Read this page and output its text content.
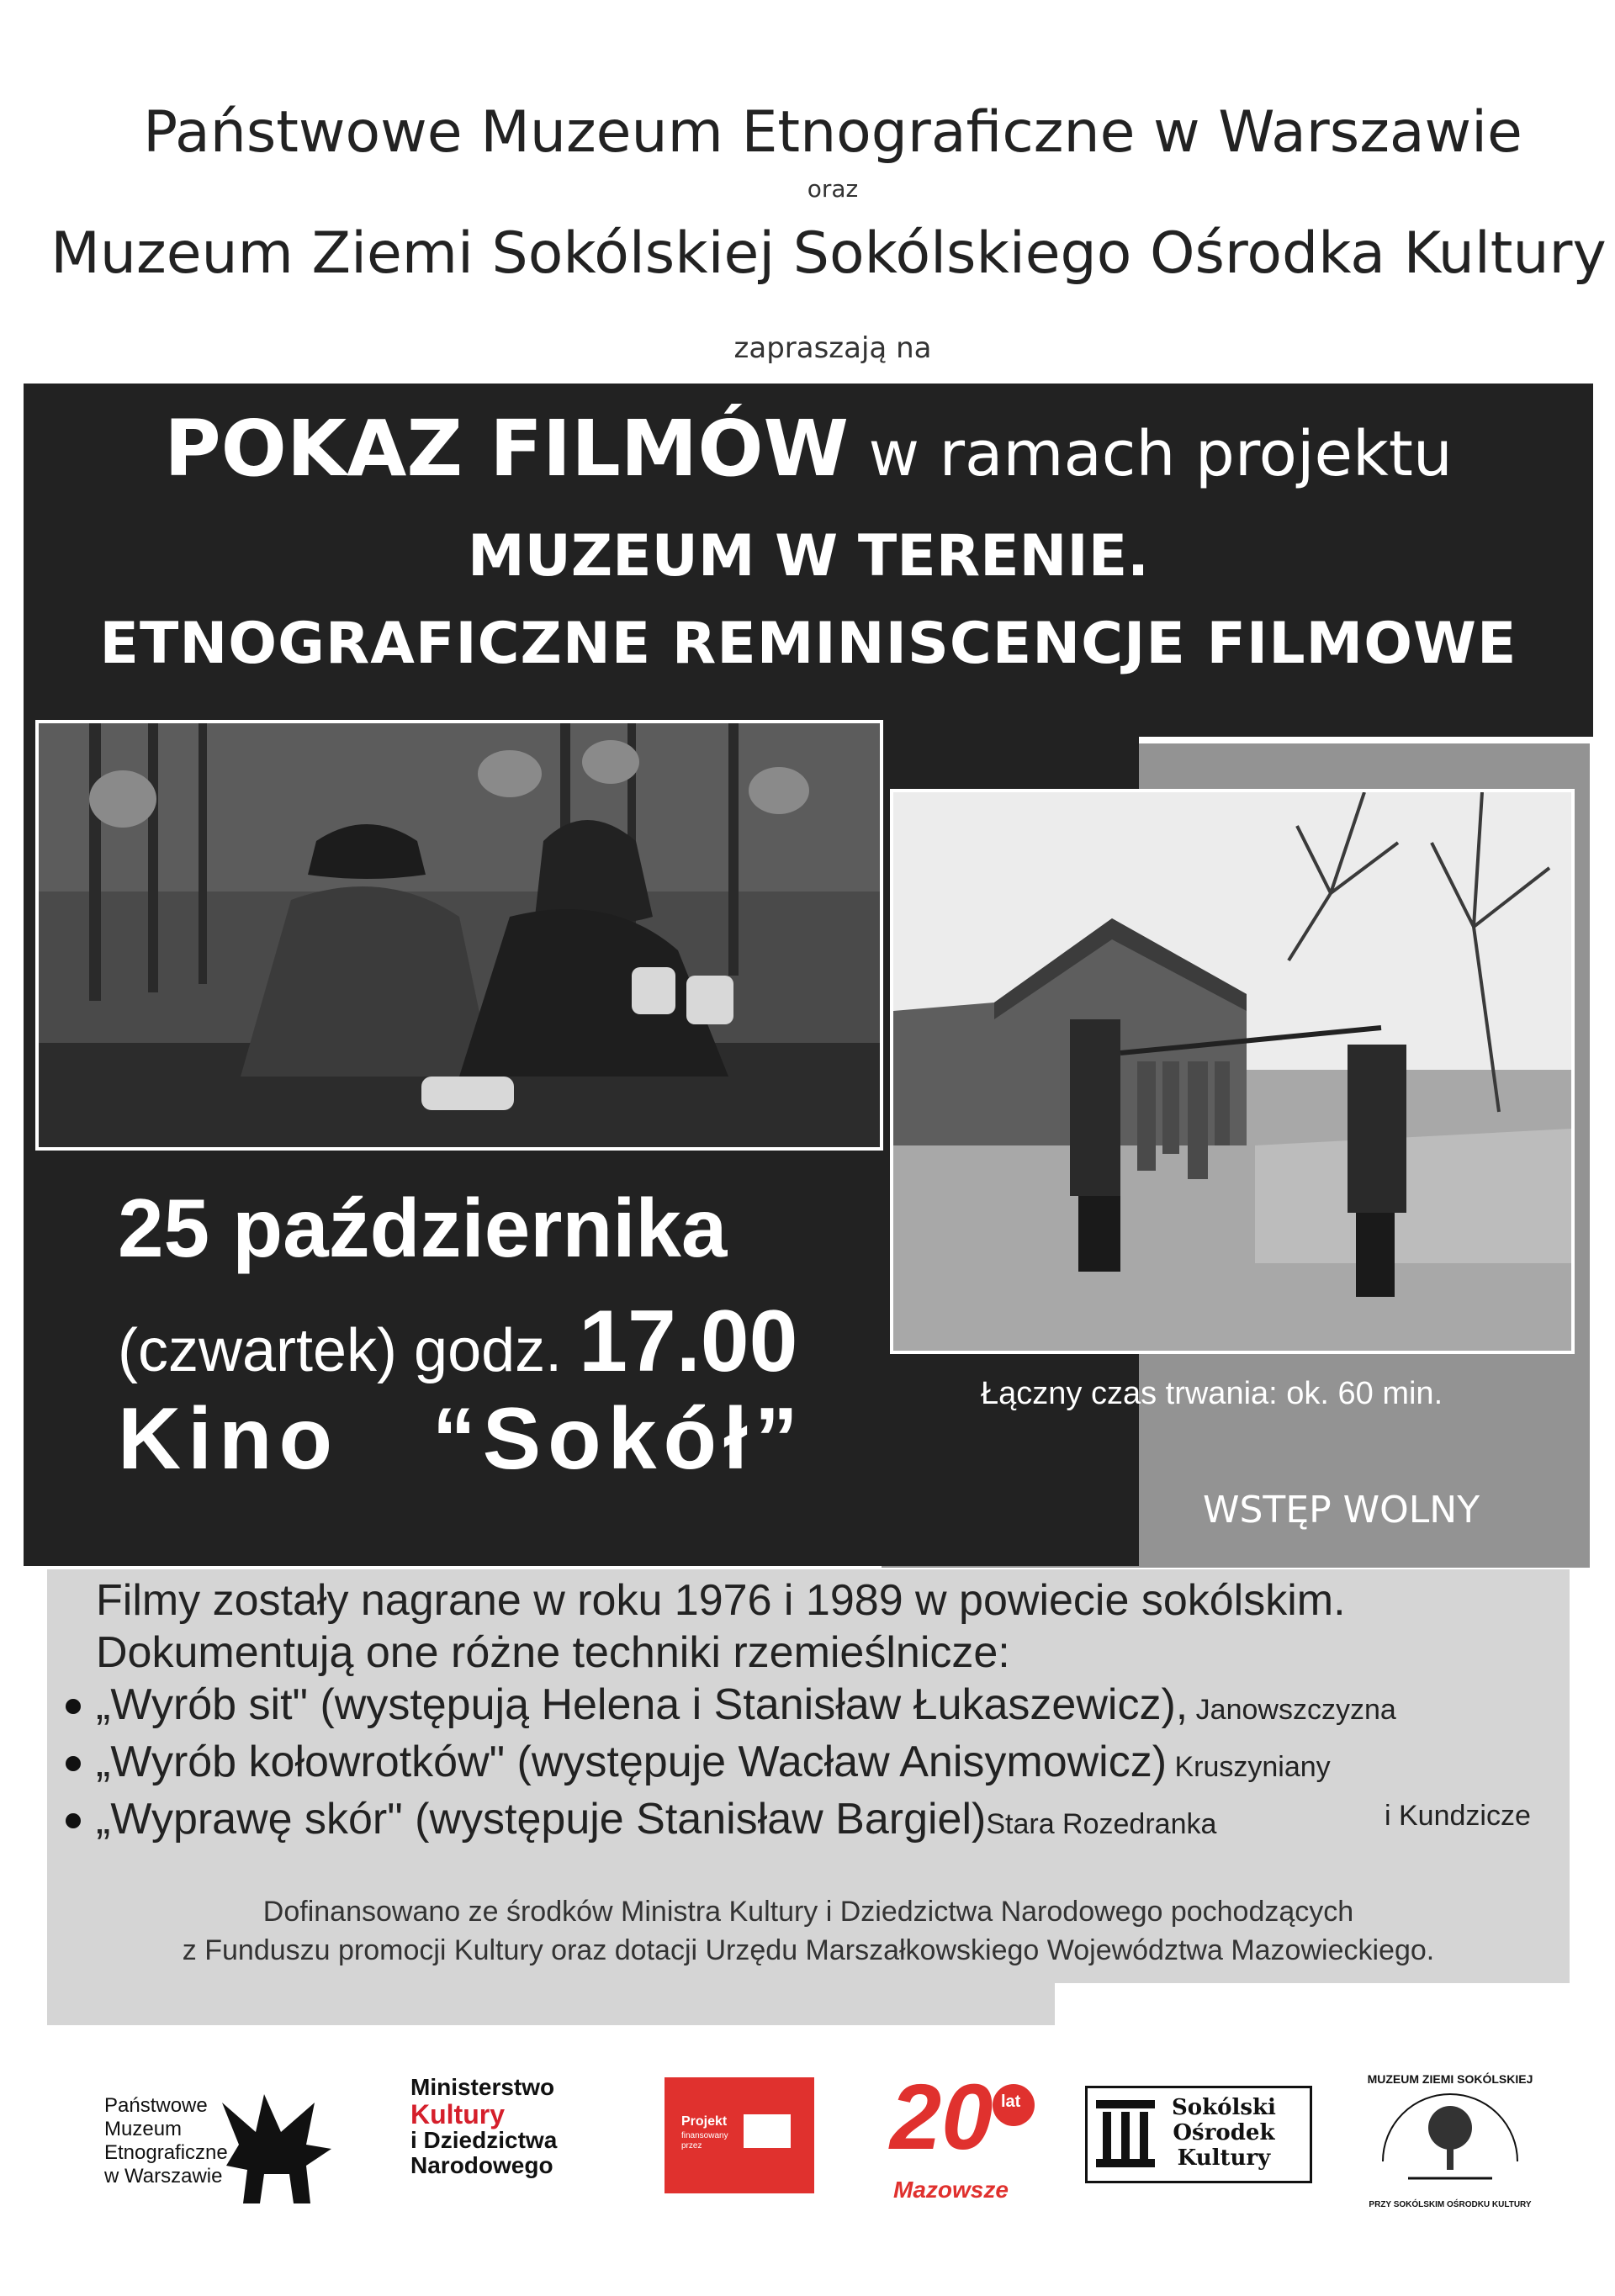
Państwowe Muzeum Etnograficzne w Warszawie
oraz
Muzeum Ziemi Sokólskiej Sokólskiego Ośrodka Kultury
zapraszają na
POKAZ FILMÓW w ramach projektu
MUZEUM W TERENIE.
ETNOGRAFICZNE REMINISCENCJE FILMOWE
25 października
(czwartek) godz. 17.00
Kino   “Sokół”	Łączny czas trwania: ok. 60 min.
WSTĘP WOLNY
Filmy zostały nagrane w roku 1976 i 1989 w powiecie sokólskim.
Dokumentują one różne techniki rzemieślnicze:
„Wyrób sit" (występują Helena i Stanisław Łukaszewicz), Janowszczyzna
„Wyrób kołowrotków" (występuje Wacław Anisymowicz) Kruszyniany
„Wyprawę skór" (występuje Stanisław Bargiel)Stara Rozedranka	i Kundzicze
Dofinansowano ze środków Ministra Kultury i Dziedzictwa Narodowego pochodzących
z Funduszu promocji Kultury oraz dotacji Urzędu Marszałkowskiego Województwa Mazowieckiego.
Państwowe
Muzeum
Etnograficzne
w Warszawie
Ministerstwo
Kultury
i Dziedzictwa
Narodowego
Projekt
finansowany
przez 20 lat
Mazowsze
Sokólski
Ośrodek
Kultury
MUZEUM ZIEMI SOKÓLSKIEJ
PRZY SOKÓLSKIM OŚRODKU KULTURY
